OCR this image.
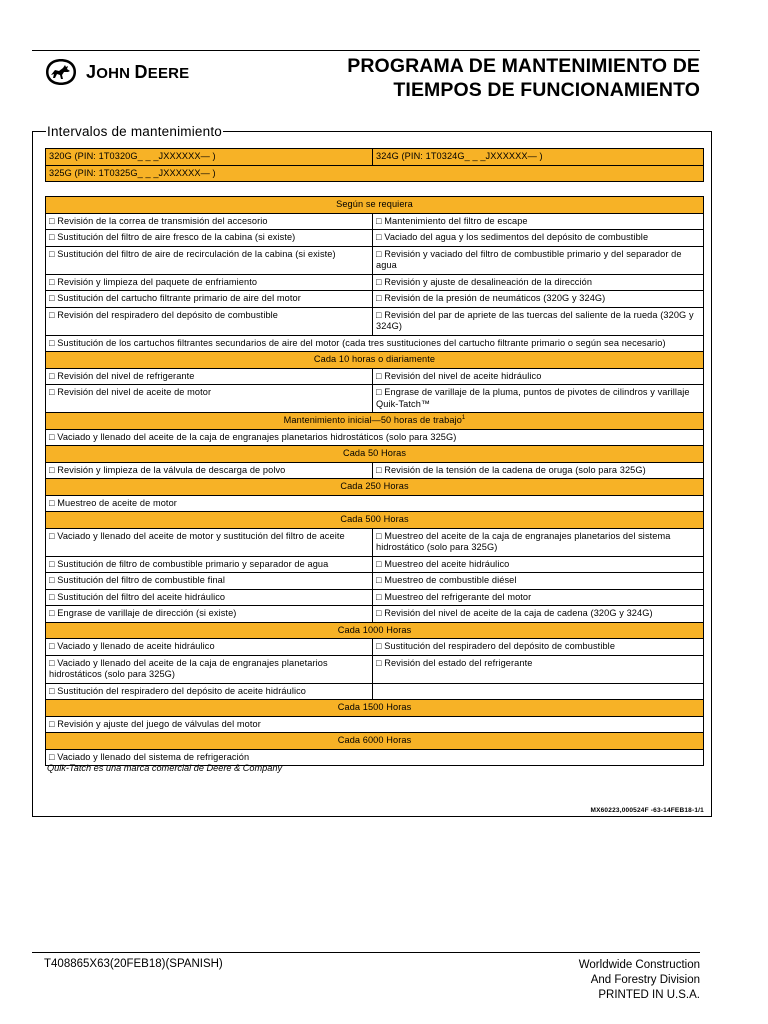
JOHN DEERE	PROGRAMA DE MANTENIMIENTO DE
TIEMPOS DE FUNCIONAMIENTO
Intervalos de mantenimiento
320G (PIN: 1T0320G_ _ _JXXXXXX— )	324G (PIN: 1T0324G_ _ _JXXXXXX— )
325G (PIN: 1T0325G_ _ _JXXXXXX— )
Según se requiera	
□ Revisión de la correa de transmisión del accesorio	□ Mantenimiento del filtro de escape
□ Sustitución del filtro de aire fresco de la cabina (si existe)	□ Vaciado del agua y los sedimentos del depósito de combustible
□ Sustitución del filtro de aire de recirculación de la cabina (si existe)	□ Revisión y vaciado del filtro de combustible primario y del separador de agua
□ Revisión y limpieza del paquete de enfriamiento	□ Revisión y ajuste de desalineación de la dirección
□ Sustitución del cartucho filtrante primario de aire del motor	□ Revisión de la presión de neumáticos (320G y 324G)
□ Revisión del respiradero del depósito de combustible	□ Revisión del par de apriete de las tuercas del saliente de la rueda (320G y 324G)
□ Sustitución de los cartuchos filtrantes secundarios de aire del motor (cada tres sustituciones del cartucho filtrante primario o según sea necesario)	
Cada 10 horas o diariamente	
□ Revisión del nivel de refrigerante	□ Revisión del nivel de aceite hidráulico
□ Revisión del nivel de aceite de motor	□ Engrase de varillaje de la pluma, puntos de pivotes de cilindros y varillaje Quik-Tatch™
Mantenimiento inicial—50 horas de trabajo$^1$
□ Vaciado y llenado del aceite de la caja de engranajes planetarios hidrostáticos (solo para 325G)	
Cada 50 Horas	
□ Revisión y limpieza de la válvula de descarga de polvo	□ Revisión de la tensión de la cadena de oruga (solo para 325G)
Cada 250 Horas	
□ Muestreo de aceite de motor	
Cada 500 Horas	
□ Vaciado y llenado del aceite de motor y sustitución del filtro de aceite	□ Muestreo del aceite de la caja de engranajes planetarios del sistema hidrostático (solo para 325G)
□ Sustitución de filtro de combustible primario y separador de agua	□ Muestreo del aceite hidráulico
□ Sustitución del filtro de combustible final	□ Muestreo de combustible diésel
□ Sustitución del filtro del aceite hidráulico	□ Muestreo del refrigerante del motor
□ Engrase de varillaje de dirección (si existe)	□ Revisión del nivel de aceite de la caja de cadena (320G y 324G)
Cada 1000 Horas	
□ Vaciado y llenado de aceite hidráulico	□ Sustitución del respiradero del depósito de combustible
□ Vaciado y llenado del aceite de la caja de engranajes planetarios hidrostáticos (solo para 325G)	□ Revisión del estado del refrigerante
□ Sustitución del respiradero del depósito de aceite hidráulico	
Cada 1500 Horas	
□ Revisión y ajuste del juego de válvulas del motor	
Cada 6000 Horas	
□ Vaciado y llenado del sistema de refrigeración	
Quik-Tatch es una marca comercial de Deere & Company
MX60223,000524F -63-14FEB18-1/1
T408865X63(20FEB18)(SPANISH)	Worldwide Construction
And Forestry Division
PRINTED IN U.S.A.
